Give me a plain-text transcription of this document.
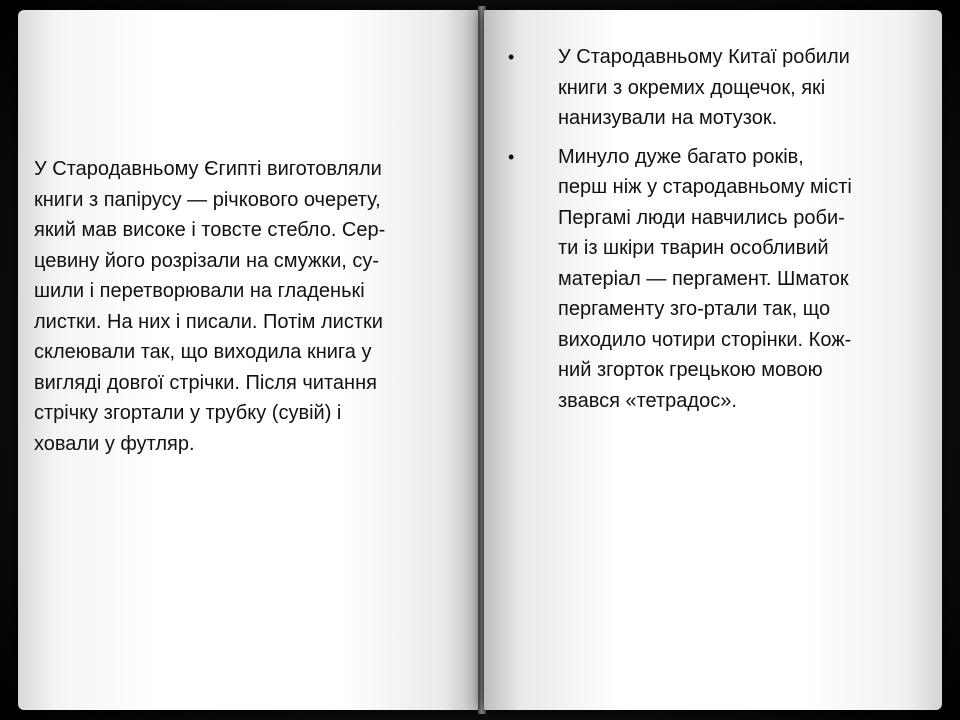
У Стародавньому Єгипті виготовляли
книги з папірусу — річкового очерету,
який мав високе і товсте стебло. Сер-
цевину його розрізали на смужки, су-
шили і перетворювали на гладенькі
листки. На них і писали. Потім листки
склеювали так, що виходила книга у
вигляді довгої стрічки. Після читання
стрічку згортали у трубку (сувій) і
ховали у футляр.
•	У Стародавньому Китаї робили
книги з окремих дощечок, які
нанизували на мотузок.
•	Минуло дуже багато років,
перш ніж у стародавньому місті
Пергамі люди навчились роби-
ти із шкіри тварин особливий
матеріал — пергамент. Шматок
пергаменту зго-ртали так, що
виходило чотири сторінки. Кож-
ний згорток грецькою мовою
звався «тетрадос».
